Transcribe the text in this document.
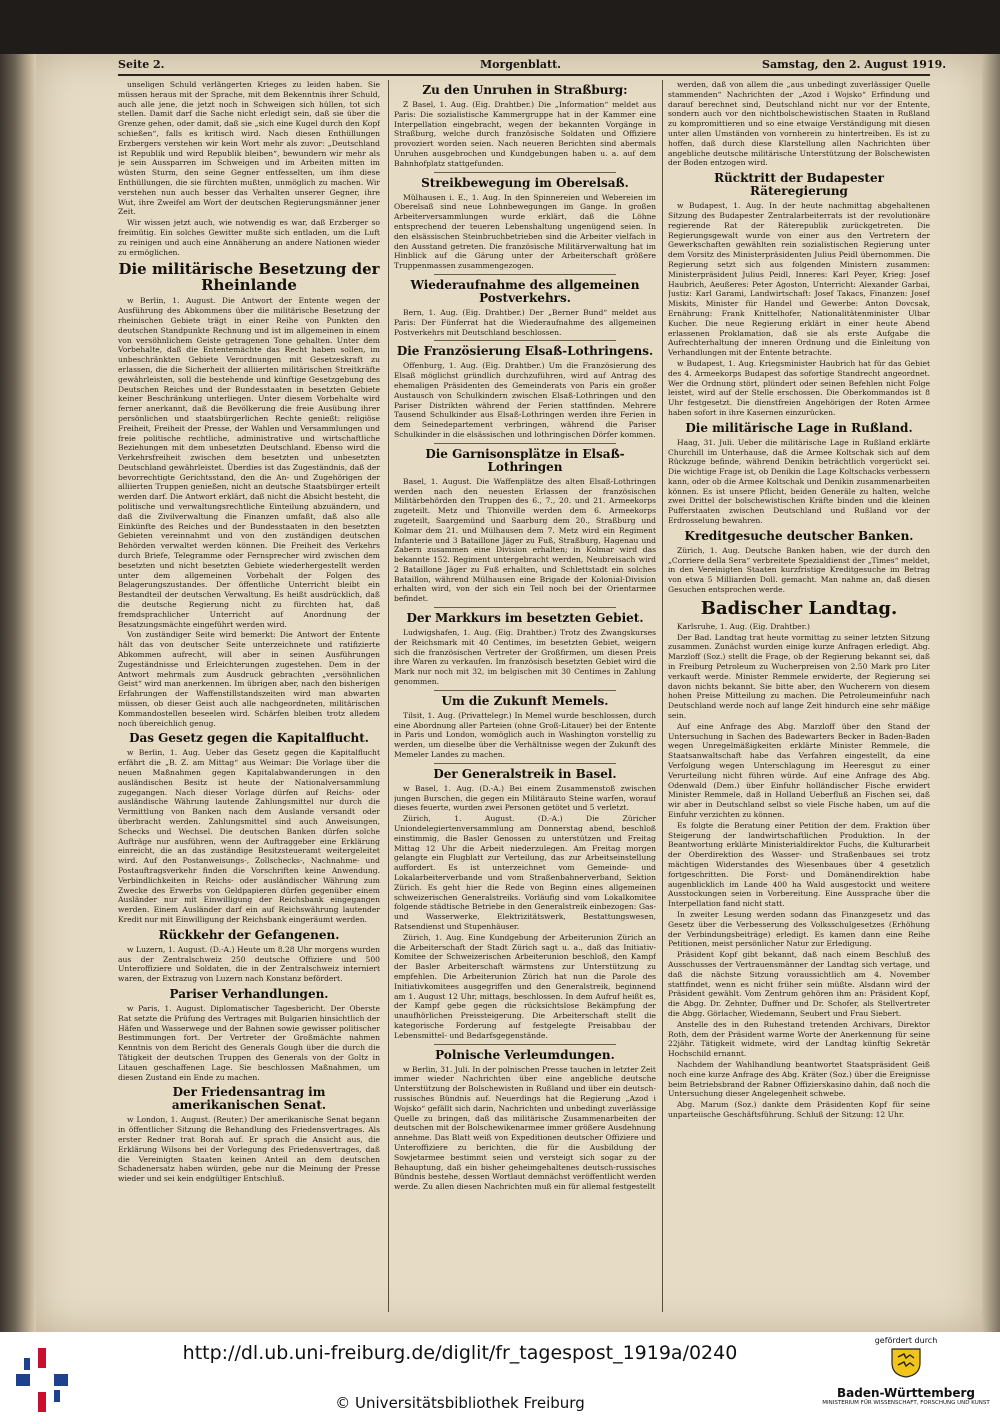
Seite 2.	Morgenblatt.	Samstag, den 2. August 1919.

unseligen Schuld verlängerten Krieges zu leiden haben. Sie müssen heraus mit der Sprache, mit dem Bekenntnis ihrer Schuld, auch alle jene, die jetzt noch in Schweigen sich hüllen, tot sich stellen. Damit darf die Sache nicht erledigt sein, daß sie über die Grenze gehen, oder damit, daß sie „sich eine Kugel durch den Kopf schießen“, falls es kritisch wird. Nach diesen Enthüllungen Erzbergers verstehen wir kein Wort mehr als zuvor: „Deutschland ist Republik und wird Republik bleiben“, bewundern wir mehr als je sein Aussparren im Schweigen und im Arbeiten mitten im wüsten Sturm, den seine Gegner entfesselten, um ihm diese Enthüllungen, die sie fürchten mußten, unmöglich zu machen. Wir verstehen nun auch besser das Verhalten unserer Gegner, ihre Wut, ihre Zweifel am Wort der deutschen Regierungsmänner jener Zeit.

Wir wissen jetzt auch, wie notwendig es war, daß Erzberger so freimütig. Ein solches Gewitter mußte sich entladen, um die Luft zu reinigen und auch eine Annäherung an andere Nationen wieder zu ermöglichen.

Die militärische Besetzung der Rheinlande

w Berlin, 1. August. Die Antwort der Entente wegen der Ausführung des Abkommens über die militärische Besetzung der rheinischen Gebiete trägt in einer Reihe von Punkten den deutschen Standpunkte Rechnung und ist im allgemeinen in einem von versöhnlichem Geiste getragenen Tone gehalten. Unter dem Vorbehalte, daß die Ententemächte das Recht haben sollen, im unbeschränkten Gebiete Verordnungen mit Gesetzeskraft zu erlassen, die die Sicherheit der alliierten militärischen Streitkräfte gewährleisten, soll die bestehende und künftige Gesetzgebung des Deutschen Reiches und der Bundesstaaten in besetzten Gebiete keiner Beschränkung unterliegen. Unter diesem Vorbehalte wird ferner anerkannt, daß die Bevölkerung die freie Ausübung ihrer persönlichen und staatsbürgerlichen Rechte genießt: religiöse Freiheit, Freiheit der Presse, der Wahlen und Versammlungen und freie politische rechtliche, administrative und wirtschaftliche Beziehungen mit dem unbesetzten Deutschland. Ebenso wird die Verkehrsfreiheit zwischen dem besetzten und unbesetzten Deutschland gewährleistet. Überdies ist das Zugeständnis, daß der bevorrechtigte Gerichtsstand, den die An- und Zugehörigen der alliierten Truppen genießen, nicht an deutsche Staatsbürger erteilt werden darf. Die Antwort erklärt, daß nicht die Absicht besteht, die politische und verwaltungsrechtliche Einteilung abzuändern, und daß die Zivilverwaltung die Finanzen umfaßt, daß also alle Einkünfte des Reiches und der Bundesstaaten in den besetzten Gebieten vereinnahmt und von den zuständigen deutschen Behörden verwaltet werden können. Die Freiheit des Verkehrs durch Briefe, Telegramme oder Fernsprecher wird zwischen dem besetzten und nicht besetzten Gebiete wiederhergestellt werden unter dem allgemeinen Vorbehalt der Folgen des Belagerungszustandes. Der öffentliche Unterricht bleibt ein Bestandteil der deutschen Verwaltung. Es heißt ausdrücklich, daß die deutsche Regierung nicht zu fürchten hat, daß fremdsprachlicher Unterricht auf Anordnung der Besatzungsmächte eingeführt werden wird.

Von zuständiger Seite wird bemerkt: Die Antwort der Entente hält das von deutscher Seite unterzeichnete und ratifizierte Abkommen aufrecht, will aber in seinen Ausführungen Zugeständnisse und Erleichterungen zugestehen. Dem in der Antwort mehrmals zum Ausdruck gebrachten „versöhnlichen Geist“ wird man anerkennen. Im übrigen aber, nach den bisherigen Erfahrungen der Waffenstillstandszeiten wird man abwarten müssen, ob dieser Geist auch alle nachgeordneten, militärischen Kommandostellen beseelen wird. Schärfen bleiben trotz alledem noch übereichlich genug.

Das Gesetz gegen die Kapitalflucht.

w Berlin, 1. Aug. Ueber das Gesetz gegen die Kapitalflucht erfährt die „B. Z. am Mittag“ aus Weimar: Die Vorlage über die neuen Maßnahmen gegen Kapitalabwanderungen in den ausländischen Besitz ist heute der Nationalversammlung zugegangen. Nach dieser Vorlage dürfen auf Reichs- oder ausländische Währung lautende Zahlungsmittel nur durch die Vermittlung von Banken nach dem Auslande versandt oder überbracht werden. Zahlungsmittel sind auch Anweisungen, Schecks und Wechsel. Die deutschen Banken dürfen solche Aufträge nur ausführen, wenn der Auftraggeber eine Erklärung einreicht, die an das zuständige Besitzsteueramt weitergeleitet wird. Auf den Postanweisungs-, Zollschecks-, Nachnahme- und Postauftragsverkehr finden die Vorschriften keine Anwendung. Verbindlichkeiten in Reichs- oder ausländischer Währung zum Zwecke des Erwerbs von Geldpapieren dürfen gegenüber einem Ausländer nur mit Einwilligung der Reichsbank eingegangen werden. Einem Ausländer darf ein auf Reichswährung lautender Kredit nur mit Einwilligung der Reichsbank eingeräumt werden.

Rückkehr der Gefangenen.

w Luzern, 1. August. (D.-A.) Heute um 8.28 Uhr morgens wurden aus der Zentralschweiz 250 deutsche Offiziere und 500 Unteroffiziere und Soldaten, die in der Zentralschweiz interniert waren, der Extrazug von Luzern nach Konstanz befördert.

Pariser Verhandlungen.

w Paris, 1. August. Diplomatischer Tagesbericht. Der Oberste Rat setzte die Prüfung des Vertrages mit Bulgarien hinsichtlich der Häfen und Wasserwege und der Bahnen sowie gewisser politischer Bestimmungen fort. Der Vertreter der Großmächte nahmen Kenntnis von dem Bericht des Generals Gough über die durch die Tätigkeit der deutschen Truppen des Generals von der Goltz in Litauen geschaffenen Lage. Sie beschlossen Maßnahmen, um diesen Zustand ein Ende zu machen.

Der Friedensantrag im amerikanischen Senat.

w London, 1. August. (Reuter.) Der amerikanische Senat begann in öffentlicher Sitzung die Behandlung des Friedensvertrages. Als erster Redner trat Borah auf. Er sprach die Ansicht aus, die Erklärung Wilsons bei der Vorlegung des Friedensvertrages, daß die Vereinigten Staaten keinen Anteil an dem deutschen Schadenersatz haben würden, gebe nur die Meinung der Presse wieder und sei kein endgültiger Entschluß.

Zu den Unruhen in Straßburg:

Z Basel, 1. Aug. (Eig. Drahtber.) Die „Information“ meldet aus Paris: Die sozialistische Kammergruppe hat in der Kammer eine Interpellation eingebracht, wegen der bekannten Vorgänge in Straßburg, welche durch französische Soldaten und Offiziere provoziert worden seien. Nach neueren Berichten sind abermals Unruhen ausgebrochen und Kundgebungen haben u. a. auf dem Bahnhofplatz stattgefunden.

Streikbewegung im Oberelsaß.

Mülhausen i. E., 1. Aug. In den Spinnereien und Webereien im Oberelsaß sind neue Lohnbewegungen im Gange. In großen Arbeiterversammlungen wurde erklärt, daß die Löhne entsprechend der teueren Lebenshaltung ungenügend seien. In den elsässischen Steinbruchbetrieben sind die Arbeiter vielfach in den Ausstand getreten. Die französische Militärverwaltung hat im Hinblick auf die Gärung unter der Arbeiterschaft größere Truppenmassen zusammengezogen.

Wiederaufnahme des allgemeinen Postverkehrs.

Bern, 1. Aug. (Eig. Drahtber.) Der „Berner Bund“ meldet aus Paris: Der Fünferrat hat die Wiederaufnahme des allgemeinen Postverkehrs mit Deutschland beschlossen.

Die Französierung Elsaß-Lothringens.

Offenburg, 1. Aug. (Eig. Drahtber.) Um die Französierung des Elsaß möglichst gründlich durchzuführen, wird auf Antrag des ehemaligen Präsidenten des Gemeinderats von Paris ein großer Austausch von Schulkindern zwischen Elsaß-Lothringen und den Pariser Distrikten während der Ferien stattfinden. Mehrere Tausend Schulkinder aus Elsaß-Lothringen werden ihre Ferien in dem Seinedepartement verbringen, während die Pariser Schulkinder in die elsässischen und lothringischen Dörfer kommen.

Die Garnisonsplätze in Elsaß-Lothringen

Basel, 1. August. Die Waffenplätze des alten Elsaß-Lothringen werden nach den neuesten Erlassen der französischen Militärbehörden den Truppen des 6., 7., 20. und 21. Armeekorps zugeteilt. Metz und Thionville werden dem 6. Armeekorps zugeteilt, Saargemünd und Saarburg dem 20., Straßburg und Kolmar dem 21. und Mülhausen dem 7. Metz wird ein Regiment Infanterie und 3 Bataillone Jäger zu Fuß, Straßburg, Hagenau und Zabern zusammen eine Division erhalten; in Kolmar wird das bekannte 152. Regiment untergebracht werden, Neubreisach wird 2 Bataillone Jäger zu Fuß erhalten, und Schlettstadt ein solches Bataillon, während Mülhausen eine Brigade der Kolonial-Division erhalten wird, von der sich ein Teil noch bei der Orientarmee befindet.

Der Markkurs im besetzten Gebiet.

Ludwigshafen, 1. Aug. (Eig. Drahtber.) Trotz des Zwangskurses der Reichsmark mit 40 Centimes, im besetzten Gebiet, weigern sich die französischen Vertreter der Großfirmen, um diesen Preis ihre Waren zu verkaufen. Im französisch besetzten Gebiet wird die Mark nur noch mit 32, im belgischen mit 30 Centimes in Zahlung genommen.

Um die Zukunft Memels.

Tilsit, 1. Aug. (Privattelegr.) In Memel wurde beschlossen, durch eine Abordnung aller Parteien (ohne Groß-Litauer) bei der Entente in Paris und London, womöglich auch in Washington vorstellig zu werden, um dieselbe über die Verhältnisse wegen der Zukunft des Memeler Landes zu machen.

Der Generalstreik in Basel.

w Basel, 1. Aug. (D.-A.) Bei einem Zusammenstoß zwischen jungen Burschen, die gegen ein Militärauto Steine warfen, worauf dieses feuerte, wurden zwei Personen getötet und 5 verletzt.

Zürich, 1. August. (D.-A.) Die Züricher Uniondelegiertenversammlung am Donnerstag abend, beschloß einstimmig, die Basler Genossen zu unterstützen und Freitag Mittag 12 Uhr die Arbeit niederzulegen. Am Freitag morgen gelangte ein Flugblatt zur Verteilung, das zur Arbeitseinstellung auffordert. Es ist unterzeichnet vom Gemeinde- und Lokalarbeiterverbande und vom Straßenbahnerverband, Sektion Zürich. Es geht hier die Rede von Beginn eines allgemeinen schweizerischen Generalstreiks. Vorläufig sind vom Lokalkomitee folgende städtische Betriebe in den Generalstreik einbezogen: Gas- und Wasserwerke, Elektrizitätswerk, Bestattungswesen, Ratsendienst und Stupenhäuser.

Zürich, 1. Aug. Eine Kundgebung der Arbeiterunion Zürich an die Arbeiterschaft der Stadt Zürich sagt u. a., daß das Initiativ-Komitee der Schweizerischen Arbeiterunion beschloß, den Kampf der Basler Arbeiterschaft wärmstens zur Unterstützung zu empfehlen. Die Arbeiterunion Zürich hat nun die Parole des Initiativkomitees ausgegriffen und den Generalstreik, beginnend am 1. August 12 Uhr, mittags, beschlossen. In dem Aufruf heißt es, der Kampf gebe gegen die rücksichtslose Bekämpfung der unaufhörlichen Preissteigerung. Die Arbeiterschaft stellt die kategorische Forderung auf festgelegte Preisabbau der Lebensmittel- und Bedarfsgegenstände.

Polnische Verleumdungen.

w Berlin, 31. Juli. In der polnischen Presse tauchen in letzter Zeit immer wieder Nachrichten über eine angebliche deutsche Unterstützung der Bolschewisten in Rußland und über ein deutsch-russisches Bündnis auf. Neuerdings hat die Regierung „Azod i Wojsko“ gefällt sich darin, Nachrichten und unbedingt zuverlässige Quelle zu bringen, daß das militärische Zusammenarbeiten der deutschen mit der Bolschewikenarmee immer größere Ausdehnung annehme. Das Blatt weiß von Expeditionen deutscher Offiziere und Unteroffiziere zu berichten, die für die Ausbildung der Sowjetarmee bestimmt seien und versteigt sich sogar zu der Behauptung, daß ein bisher geheimgehaltenes deutsch-russisches Bündnis bestehe, dessen Wortlaut demnächst veröffentlicht werden werde. Zu allen diesen Nachrichten muß ein für allemal festgestellt

werden, daß von allem die „aus unbedingt zuverlässiger Quelle stammenden“ Nachrichten der „Azod i Wojsko“ Erfindung und darauf berechnet sind, Deutschland nicht nur vor der Entente, sondern auch vor den nichtbolschewistischen Staaten in Rußland zu kompromittieren und so eine etwaige Verständigung mit diesen unter allen Umständen von vornherein zu hintertreiben. Es ist zu hoffen, daß durch diese Klarstellung allen Nachrichten über angebliche deutsche militärische Unterstützung der Bolschewisten der Boden entzogen wird.

Rücktritt der Budapester Räteregierung

w Budapest, 1. Aug. In der heute nachmittag abgehaltenen Sitzung des Budapester Zentralarbeiterrats ist der revolutionäre regierende Rat der Räterepublik zurückgetreten. Die Regierungsgewalt wurde von einer aus den Vertretern der Gewerkschaften gewählten rein sozialistischen Regierung unter dem Vorsitz des Ministerpräsidenten Julius Peidl übernommen. Die Regierung setzt sich aus folgenden Ministern zusammen: Ministerpräsident Julius Peidl, Inneres: Karl Peyer, Krieg: Josef Haubrich, Aeußeres: Peter Agoston, Unterricht: Alexander Garbai, Justiz: Karl Garami, Landwirtschaft: Josef Takacs, Finanzen: Josef Miskits, Minister für Handel und Gewerbe: Anton Dovcsak, Ernährung: Frank Knittelhofer, Nationalitätenminister Ulbar Kucher. Die neue Regierung erklärt in einer heute Abend erlassenen Proklamation, daß sie als erste Aufgabe die Aufrechterhaltung der inneren Ordnung und die Einleitung von Verhandlungen mit der Entente betrachte.

w Budapest, 1. Aug. Kriegsminister Haubrich hat für das Gebiet des 4. Armeekorps Budapest das sofortige Standrecht angeordnet. Wer die Ordnung stört, plündert oder seinen Befehlen nicht Folge leistet, wird auf der Stelle erschossen. Die Oberkommandos ist 8 Uhr festgesetzt. Die dienstfreien Angehörigen der Roten Armee haben sofort in ihre Kasernen einzurücken.

Die militärische Lage in Rußland.

Haag, 31. Juli. Ueber die militärische Lage in Rußland erklärte Churchill im Unterhause, daß die Armee Koltschak sich auf dem Rückzuge befinde, während Denikin beträchtlich vorgerückt sei. Die wichtige Frage ist, ob Denikin die Lage Koltschacks verbessern kann, oder ob die Armee Koltschak und Denikin zusammenarbeiten können. Es ist unsere Pflicht, beiden Generäle zu halten, welche zwei Drittel der bolschewistischen Kräfte binden und die kleinen Pufferstaaten zwischen Deutschland und Rußland vor der Erdrosselung bewahren.

Kreditgesuche deutscher Banken.

Zürich, 1. Aug. Deutsche Banken haben, wie der durch den „Corriere della Sera“ verbreitete Spezialdienst der „Times“ meldet, in den Vereinigten Staaten kurzfristige Kreditgesuche im Betrag von etwa 5 Milliarden Doll. gemacht. Man nahme an, daß diesen Gesuchen entsprochen werde.

Badischer Landtag.

Karlsruhe, 1. Aug. (Eig. Drahtber.)

Der Bad. Landtag trat heute vormittag zu seiner letzten Sitzung zusammen. Zunächst wurden einige kurze Anfragen erledigt. Abg. Marzloff (Soz.) stellt die Frage, ob der Regierung bekannt sei, daß in Freiburg Petroleum zu Wucherpreisen von 2.50 Mark pro Liter verkauft werde. Minister Remmele erwiderte, der Regierung sei davon nichts bekannt. Sie bitte aber, den Wucherern von diesem hohen Preise Mitteilung zu machen. Die Petroleumeinfuhr nach Deutschland werde noch auf lange Zeit hindurch eine sehr mäßige sein.

Auf eine Anfrage des Abg. Marzloff über den Stand der Untersuchung in Sachen des Badewarters Becker in Baden-Baden wegen Unregelmäßigkeiten erklärte Minister Remmele, die Staatsanwaltschaft habe das Verfahren eingestellt, da eine Verfolgung wegen Unterschlagung im Heeresgut zu einer Verurteilung nicht führen würde. Auf eine Anfrage des Abg. Odenwald (Dem.) über Einfuhr holländischer Fische erwidert Minister Remmele, daß in Holland Ueberfluß an Fischen sei, daß wir aber in Deutschland selbst so viele Fische haben, um auf die Einfuhr verzichten zu können.

Es folgte die Beratung einer Petition der dem. Fraktion über Steigerung der landwirtschaftlichen Produktion. In der Beantwortung erklärte Ministerialdirektor Fuchs, die Kulturarbeit der Oberdirektion des Wasser- und Straßenbaues sei trotz mächtigen Widerstandes des Wiesenbaues über 4 gesetzlich fortgeschritten. Die Forst- und Domänendirektion habe augenblicklich im Lande 400 ha Wald ausgestockt und weitere Ausstockungen seien in Vorbereitung. Eine Aussprache über die Interpellation fand nicht statt.

In zweiter Lesung werden sodann das Finanzgesetz und das Gesetz über die Verbesserung des Volksschulgesetzes (Erhöhung der Verbindungsbeiträge) erledigt. Es kamen dann eine Reihe Petitionen, meist persönlicher Natur zur Erledigung.

Präsident Kopf gibt bekannt, daß nach einem Beschluß des Ausschusses der Vertrauensmänner der Landtag sich vertage, und daß die nächste Sitzung voraussichtlich am 4. November stattfindet, wenn es nicht früher sein müßte. Alsdann wird der Präsident gewählt. Vom Zentrum gehören ihm an: Präsident Kopf, die Abgg. Dr. Zehnter, Duffner und Dr. Schofer, als Stellvertreter die Abgg. Görlacher, Wiedemann, Seubert und Frau Siebert.

Anstelle des in den Ruhestand tretenden Archivars, Direktor Roth, dem der Präsident warme Worte der Anerkennung für seine 22jähr. Tätigkeit widmete, wird der Landtag künftig Sekretär Hochschild ernannt.

Nachdem der Wahlhandlung beantwortet Staatspräsident Geiß noch eine kurze Anfrage des Abg. Kräter (Soz.) über die Ereignisse beim Betriebsbrand der Rabner Offizierskasino dahin, daß noch die Untersuchung dieser Angelegenheit schwebe.

Abg. Marum (Soz.) dankte dem Präsidenten Kopf für seine unparteiische Geschäftsführung. Schluß der Sitzung: 12 Uhr.

http://dl.ub.uni-freiburg.de/diglit/fr_tagespost_1919a/0240
© Universitätsbibliothek Freiburg
gefördert durch
Baden-Württemberg
MINISTERIUM FÜR WISSENSCHAFT, FORSCHUNG UND KUNST
